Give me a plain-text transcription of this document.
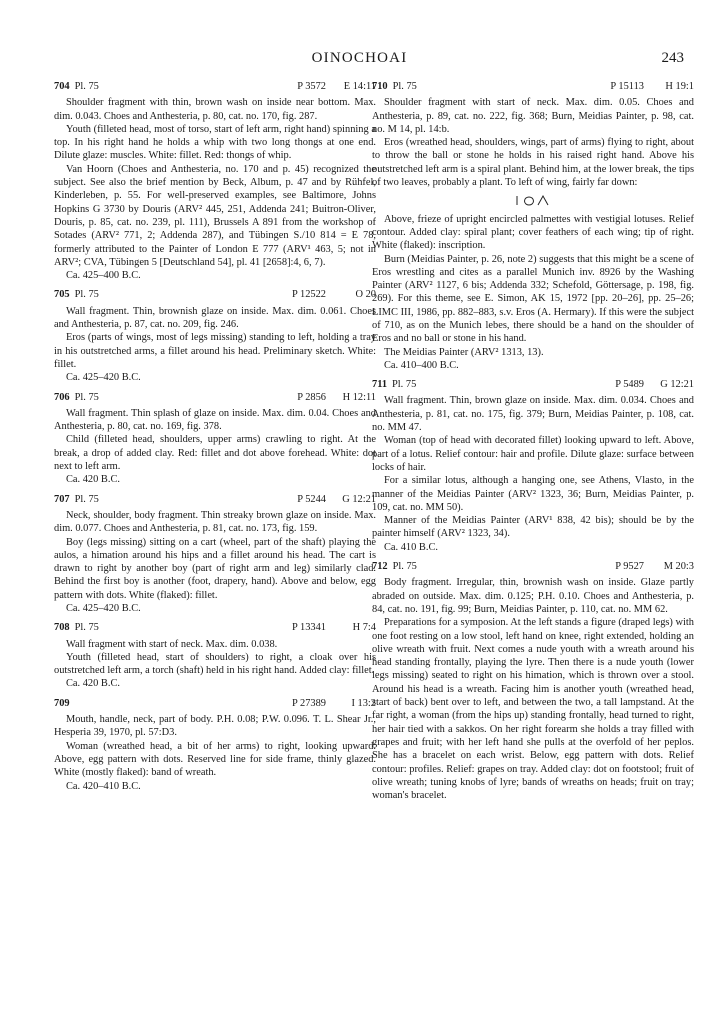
OINOCHOAI	243
704 Pl. 75	P 3572	E 14:11

Shoulder fragment with thin, brown wash on inside near bottom. Max. dim. 0.043. Choes and Anthesteria, p. 80, cat. no. 170, fig. 287.

Youth (filleted head, most of torso, start of left arm, right hand) spinning a top. In his right hand he holds a whip with two long thongs at one end. Dilute glaze: muscles. White: fillet. Red: thongs of whip.

Van Hoorn (Choes and Anthesteria, no. 170 and p. 45) recognized the subject. See also the brief mention by Beck, Album, p. 47 and by Rühfel, Kinderleben, p. 55. For well-preserved examples, see Baltimore, Johns Hopkins G 3730 by Douris (ARV² 445, 251, Addenda 241; Buitron-Oliver, Douris, p. 85, cat. no. 239, pl. 111), Brussels A 891 from the workshop of Sotades (ARV² 771, 2; Addenda 287), and Tübingen S./10 814 = E 78, formerly attributed to the Painter of London E 777 (ARV¹ 463, 5; not in ARV²; CVA, Tübingen 5 [Deutschland 54], pl. 41 [2658]:4, 6, 7).

Ca. 425–400 B.C.

705 Pl. 75	P 12522	O 20

Wall fragment. Thin, brownish glaze on inside. Max. dim. 0.061. Choes and Anthesteria, p. 87, cat. no. 209, fig. 246.

Eros (parts of wings, most of legs missing) standing to left, holding a tray in his outstretched arms, a fillet around his head. Preliminary sketch. White: fillet.

Ca. 425–420 B.C.

706 Pl. 75	P 2856 H 12:11

Wall fragment. Thin splash of glaze on inside. Max. dim. 0.04. Choes and Anthesteria, p. 80, cat. no. 169, fig. 378.

Child (filleted head, shoulders, upper arms) crawling to right. At the break, a drop of added clay. Red: fillet and dot above forehead. White: dot next to left arm.

Ca. 420 B.C.

707 Pl. 75	P 5244 G 12:21

Neck, shoulder, body fragment. Thin streaky brown glaze on inside. Max. dim. 0.077. Choes and Anthesteria, p. 81, cat. no. 173, fig. 159.

Boy (legs missing) sitting on a cart (wheel, part of the shaft) playing the aulos, a himation around his hips and a fillet around his head. The cart is drawn to right by another boy (part of right arm and leg) similarly clad. Behind the first boy is another (foot, drapery, hand). Above and below, egg pattern with dots. White (flaked): fillet.

Ca. 425–420 B.C.

708 Pl. 75	P 13341	H 7:4

Wall fragment with start of neck. Max. dim. 0.038.

Youth (filleted head, start of shoulders) to right, a cloak over his outstretched left arm, a torch (shaft) held in his right hand. Added clay: fillet.

Ca. 420 B.C.

709	P 27389	I 13:2

Mouth, handle, neck, part of body. P.H. 0.08; P.W. 0.096. T. L. Shear Jr., Hesperia 39, 1970, pl. 57:D3.

Woman (wreathed head, a bit of her arms) to right, looking upward. Above, egg pattern with dots. Reserved line for side frame, thinly glazed. White (mostly flaked): band of wreath.

Ca. 420–410 B.C.

710 Pl. 75	P 15113	H 19:1

Shoulder fragment with start of neck. Max. dim. 0.05. Choes and Anthesteria, p. 89, cat. no. 222, fig. 368; Burn, Meidias Painter, p. 98, cat. no. M 14, pl. 14:b.

Eros (wreathed head, shoulders, wings, part of arms) flying to right, about to throw the ball or stone he holds in his raised right hand. Above his outstretched left arm is a spiral plant. Behind him, at the lower break, the tips of two leaves, probably a plant. To left of wing, fairly far down:

Above, frieze of upright encircled palmettes with vestigial lotuses. Relief contour. Added clay: spiral plant; cover feathers of each wing; tip of right. White (flaked): inscription.

Burn (Meidias Painter, p. 26, note 2) suggests that this might be a scene of Eros wrestling and cites as a parallel Munich inv. 8926 by the Washing Painter (ARV² 1127, 6 bis; Addenda 332; Schefold, Göttersage, p. 198, fig. 269). For this theme, see E. Simon, AK 15, 1972 [pp. 20–26], pp. 25–26; LIMC III, 1986, pp. 882–883, s.v. Eros (A. Hermary). If this were the subject of 710, as on the Munich lebes, there should be a hand on the shoulder of Eros and no ball or stone in his hand.

The Meidias Painter (ARV² 1313, 13).

Ca. 410–400 B.C.

711 Pl. 75	P 5489 G 12:21

Wall fragment. Thin, brown glaze on inside. Max. dim. 0.034. Choes and Anthesteria, p. 81, cat. no. 175, fig. 379; Burn, Meidias Painter, p. 108, cat. no. MM 47.

Woman (top of head with decorated fillet) looking upward to left. Above, part of a lotus. Relief contour: hair and profile. Dilute glaze: surface between locks of hair.

For a similar lotus, although a hanging one, see Athens, Vlasto, in the manner of the Meidias Painter (ARV² 1323, 36; Burn, Meidias Painter, p. 109, cat. no. MM 50).

Manner of the Meidias Painter (ARV¹ 838, 42 bis); should be by the painter himself (ARV² 1323, 34).

Ca. 410 B.C.

712 Pl. 75	P 9527	M 20:3

Body fragment. Irregular, thin, brownish wash on inside. Glaze partly abraded on outside. Max. dim. 0.125; P.H. 0.10. Choes and Anthesteria, p. 84, cat. no. 191, fig. 99; Burn, Meidias Painter, p. 110, cat. no. MM 62.

Preparations for a symposion. At the left stands a figure (draped legs) with one foot resting on a low stool, left hand on knee, right extended, holding an olive wreath with fruit. Next comes a nude youth with a wreath around his head standing frontally, playing the lyre. Then there is a nude youth (lower legs missing) seated to right on his himation, which is thrown over a stool. Around his head is a wreath. Facing him is another youth (wreathed head, start of back) bent over to left, and between the two, a tall lampstand. At the far right, a woman (from the hips up) standing frontally, head turned to right, her hair tied with a sakkos. On her right forearm she holds a tray filled with grapes and fruit; with her left hand she pulls at the overfold of her peplos. She has a bracelet on each wrist. Below, egg pattern with dots. Relief contour: profiles. Relief: grapes on tray. Added clay: dot on footstool; fruit of olive wreath; tuning knobs of lyre; bands of wreaths on heads; fruit on tray; woman's bracelet.
